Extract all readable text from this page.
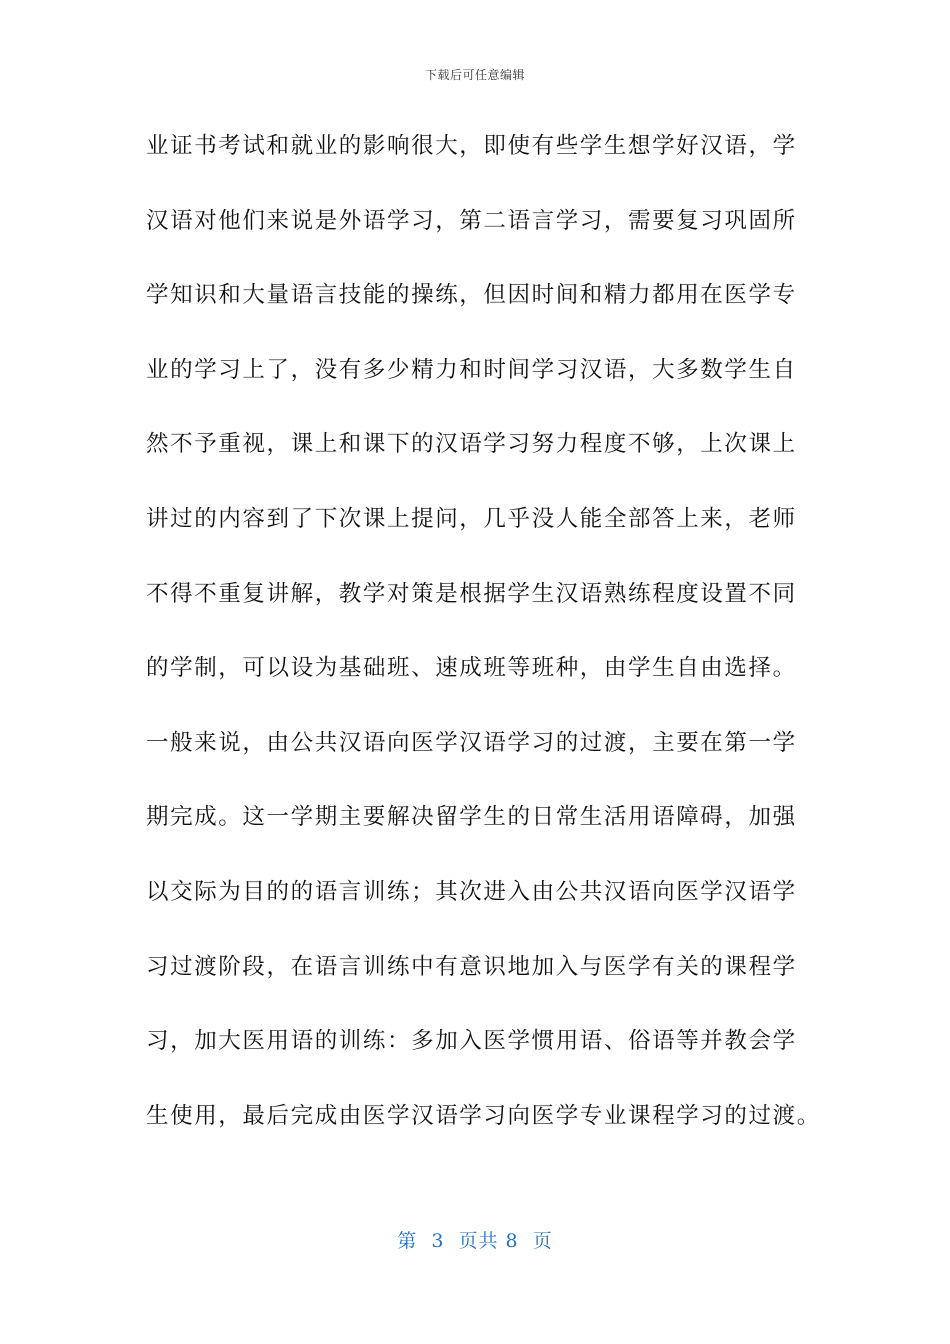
下载后可任意编辑
业证书考试和就业的影响很大，即使有些学生想学好汉语，学
汉语对他们来说是外语学习，第二语言学习，需要复习巩固所
学知识和大量语言技能的操练，但因时间和精力都用在医学专
业的学习上了，没有多少精力和时间学习汉语，大多数学生自
然不予重视，课上和课下的汉语学习努力程度不够，上次课上
讲过的内容到了下次课上提问，几乎没人能全部答上来，老师
不得不重复讲解，教学对策是根据学生汉语熟练程度设置不同
的学制，可以设为基础班、速成班等班种，由学生自由选择。
一般来说，由公共汉语向医学汉语学习的过渡，主要在第一学
期完成。这一学期主要解决留学生的日常生活用语障碍，加强
以交际为目的的语言训练；其次进入由公共汉语向医学汉语学
习过渡阶段，在语言训练中有意识地加入与医学有关的课程学
习，加大医用语的训练：多加入医学惯用语、俗语等并教会学
生使用，最后完成由医学汉语学习向医学专业课程学习的过渡。
第  3  页共 8  页
